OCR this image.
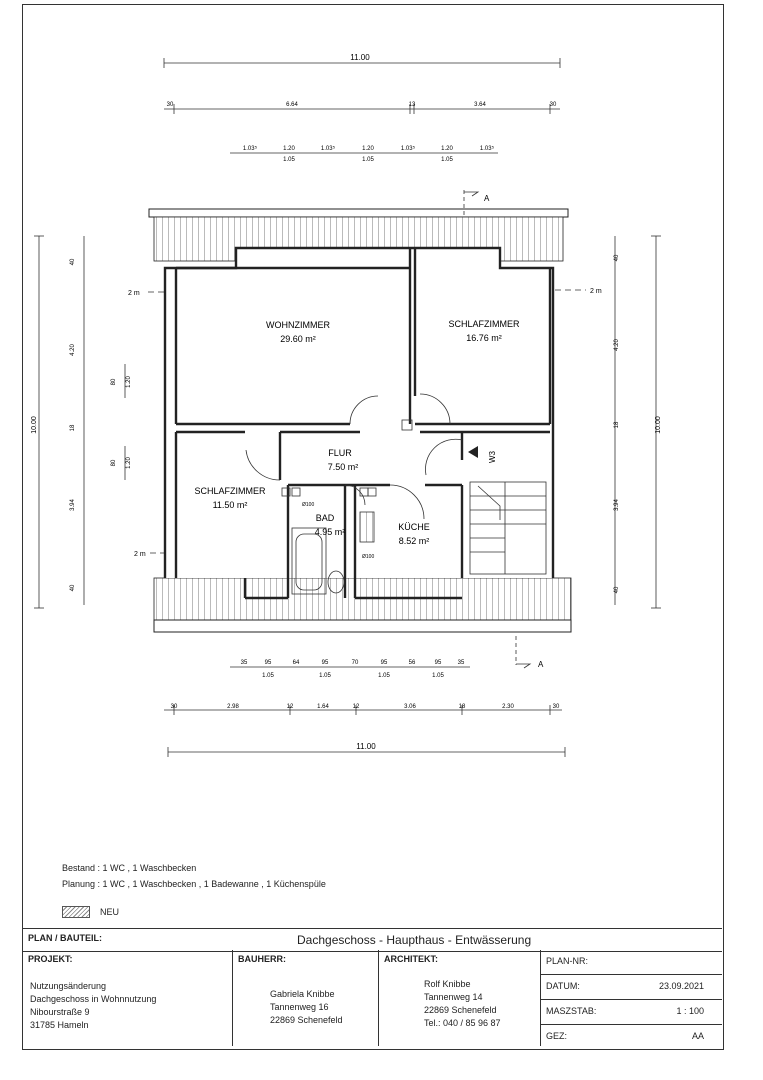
11.00
30	6.64	13	3.64	30
1.03⁵	1.20	1.03⁵	1.20	1.03⁵	1.20	1.03⁵
1.05	1.05	1.05
A
10.00
4.20
18
3.94
40
40
1.20
80
1.20
80
10.00
4.20
18
3.94
40
40
2 m	2 m
2 m
Ø100
Ø100
WOHNZIMMER
29.60 m²
SCHLAFZIMMER
16.76 m²
FLUR
7.50 m²
SCHLAFZIMMER
11.50 m²
BAD
4.95 m²	KÜCHE
8.52 m²
W3
35	95	64	95	70	95	56	95	35
1.05	1.05	1.05	1.05
30	2.98	12	1.64	12	3.06	18	2.30	30
11.00
A
Bestand : 1 WC , 1 Waschbecken
Planung : 1 WC , 1 Waschbecken , 1 Badewanne , 1 Küchenspüle
NEU
PLAN / BAUTEIL:	Dachgeschoss - Haupthaus - Entwässerung
PROJEKT:
Nutzungsänderung
Dachgeschoss in Wohnnutzung
Nibourstraße 9
31785 Hameln
BAUHERR:
Gabriela Knibbe
Tannenweg 16
22869 Schenefeld
ARCHITEKT:
Rolf Knibbe
Tannenweg 14
22869 Schenefeld
Tel.: 040 / 85 96 87
PLAN-NR:
DATUM:	23.09.2021
MASZSTAB:	1 : 100
GEZ:	AA
